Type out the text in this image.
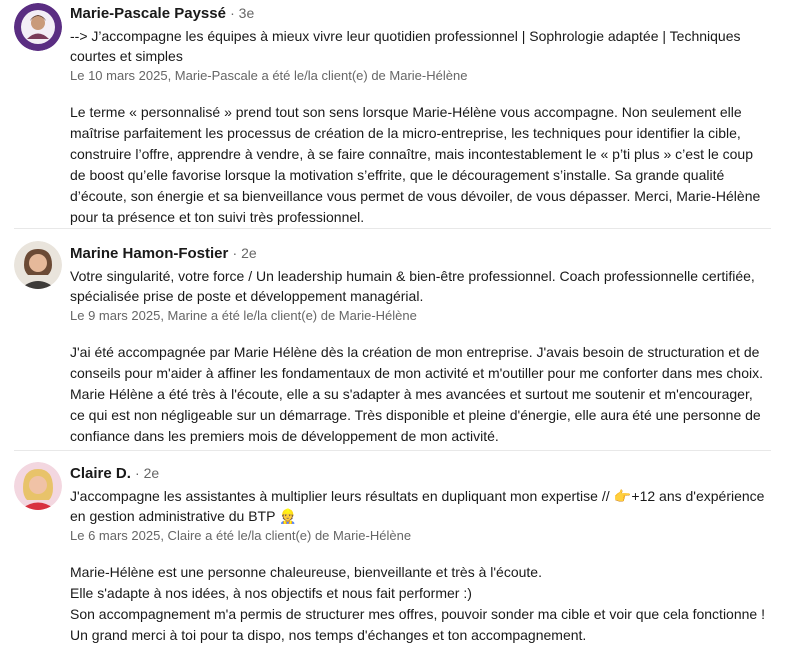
Marie-Pascale Payssé · 3e
--> J’accompagne les équipes à mieux vivre leur quotidien professionnel | Sophrologie adaptée | Techniques courtes et simples
Le 10 mars 2025, Marie-Pascale a été le/la client(e) de Marie-Hélène

Le terme « personnalisé » prend tout son sens lorsque Marie-Hélène vous accompagne. Non seulement elle maîtrise parfaitement les processus de création de la micro-entreprise, les techniques pour identifier la cible, construire l’offre, apprendre à vendre, à se faire connaître, mais incontestablement le « p’ti plus » c’est le coup de boost qu’elle favorise lorsque la motivation s’effrite, que le découragement s’installe. Sa grande qualité d’écoute, son énergie et sa bienveillance vous permet de vous dévoiler, de vous dépasser. Merci, Marie-Hélène pour ta présence et ton suivi très professionnel.

Marine Hamon-Fostier · 2e
Votre singularité, votre force / Un leadership humain & bien-être professionnel. Coach professionnelle certifiée, spécialisée prise de poste et développement managérial.
Le 9 mars 2025, Marine a été le/la client(e) de Marie-Hélène

J'ai été accompagnée par Marie Hélène dès la création de mon entreprise. J'avais besoin de structuration et de conseils pour m'aider à affiner les fondamentaux de mon activité et m'outiller pour me conforter dans mes choix. Marie Hélène a été très à l'écoute, elle a su s'adapter à mes avancées et surtout me soutenir et m'encourager, ce qui est non négligeable sur un démarrage. Très disponible et pleine d'énergie, elle aura été une personne de confiance dans les premiers mois de développement de mon activité.

Claire D. · 2e
J'accompagne les assistantes à multiplier leurs résultats en dupliquant mon expertise // 👉 +12 ans d'expérience en gestion administrative du BTP 👷
Le 6 mars 2025, Claire a été le/la client(e) de Marie-Hélène

Marie-Hélène est une personne chaleureuse, bienveillante et très à l'écoute.

Elle s'adapte à nos idées, à nos objectifs et nous fait performer :)

Son accompagnement m'a permis de structurer mes offres, pouvoir sonder ma cible et voir que cela fonctionne !

Un grand merci à toi pour ta dispo, nos temps d'échanges et ton accompagnement.
